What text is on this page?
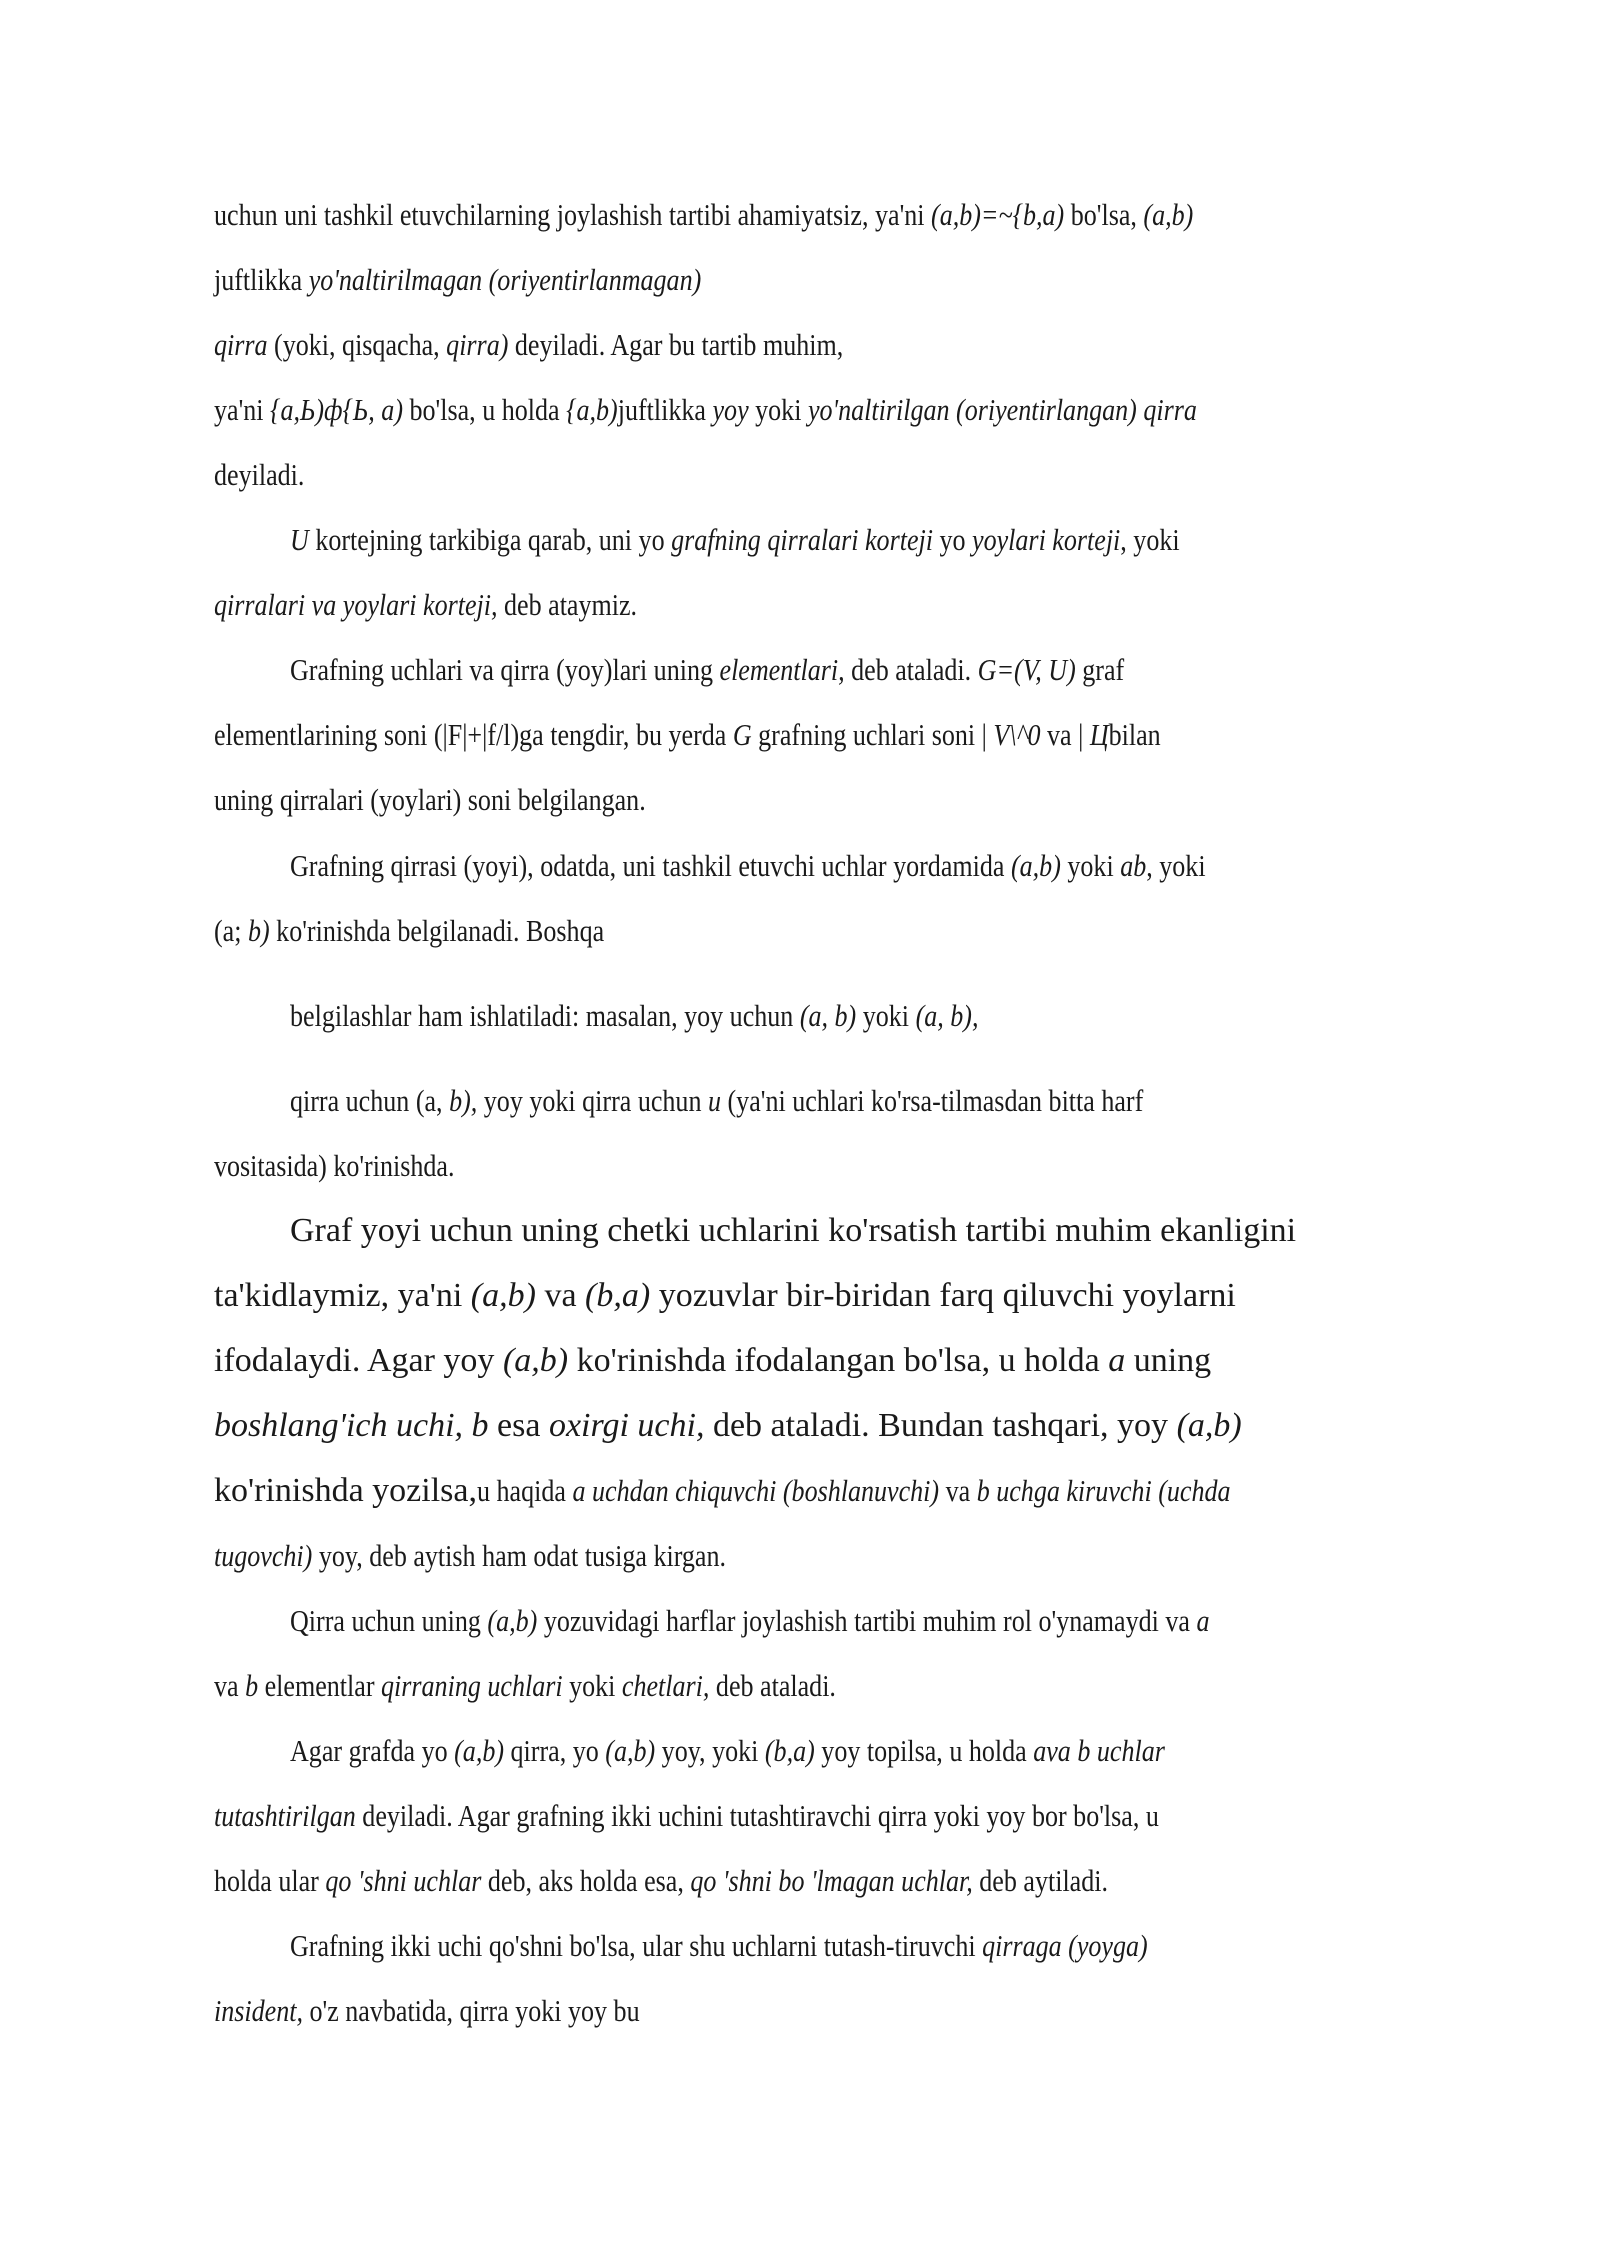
uchun uni tashkil etuvchilarning joylashish tartibi ahamiyatsiz, ya'ni (a,b)=~{b,a) bo'lsa, (a,b)
juftlikka yo'naltirilmagan (oriyentirlanmagan)
qirra (yoki, qisqacha, qirra) deyiladi. Agar bu tartib muhim,
ya'ni {a,Ь)ф{Ь, a) bo'lsa, u holda {a,b)juftlikka yoy yoki yo'naltirilgan (oriyentirlangan) qirra
deyiladi.
U kortejning tarkibiga qarab, uni yo grafning qirralari korteji yo yoylari korteji, yoki
qirralari va yoylari korteji, deb ataymiz.
Grafning uchlari va qirra (yoy)lari uning elementlari, deb ataladi. G=(V, U) graf
elementlarining soni (|F|+|f/l)ga tengdir, bu yerda G grafning uchlari soni | V\^0 va | Цbilan
uning qirralari (yoylari) soni belgilangan.
Grafning qirrasi (yoyi), odatda, uni tashkil etuvchi uchlar yordamida (a,b) yoki ab, yoki
(a; b) ko'rinishda belgilanadi. Boshqa
belgilashlar ham ishlatiladi: masalan, yoy uchun (a, b) yoki (a, b),
qirra uchun (a, b), yoy yoki qirra uchun u (ya'ni uchlari ko'rsa-tilmasdan bitta harf
vositasida) ko'rinishda.
Graf yoyi uchun uning chetki uchlarini ko'rsatish tartibi muhim ekanligini
ta'kidlaymiz, ya'ni (a,b) va (b,a) yozuvlar bir-biridan farq qiluvchi yoylarni
ifodalaydi. Agar yoy (a,b) ko'rinishda ifodalangan bo'lsa, u holda a uning
boshlang'ich uchi, b esa oxirgi uchi, deb ataladi. Bundan tashqari, yoy (a,b)
ko'rinishda yozilsa,u haqida a uchdan chiquvchi (boshlanuvchi) va b uchga kiruvchi (uchda
tugovchi) yoy, deb aytish ham odat tusiga kirgan.
Qirra uchun uning (a,b) yozuvidagi harflar joylashish tartibi muhim rol o'ynamaydi va a
va b elementlar qirraning uchlari yoki chetlari, deb ataladi.
Agar grafda yo (a,b) qirra, yo (a,b) yoy, yoki (b,a) yoy topilsa, u holda ava b uchlar
tutashtirilgan deyiladi. Agar grafning ikki uchini tutashtiravchi qirra yoki yoy bor bo'lsa, u
holda ular qo 'shni uchlar deb, aks holda esa, qo 'shni bo 'lmagan uchlar, deb aytiladi.
Grafning ikki uchi qo'shni bo'lsa, ular shu uchlarni tutash-tiruvchi qirraga (yoyga)
insident, o'z navbatida, qirra yoki yoy bu
